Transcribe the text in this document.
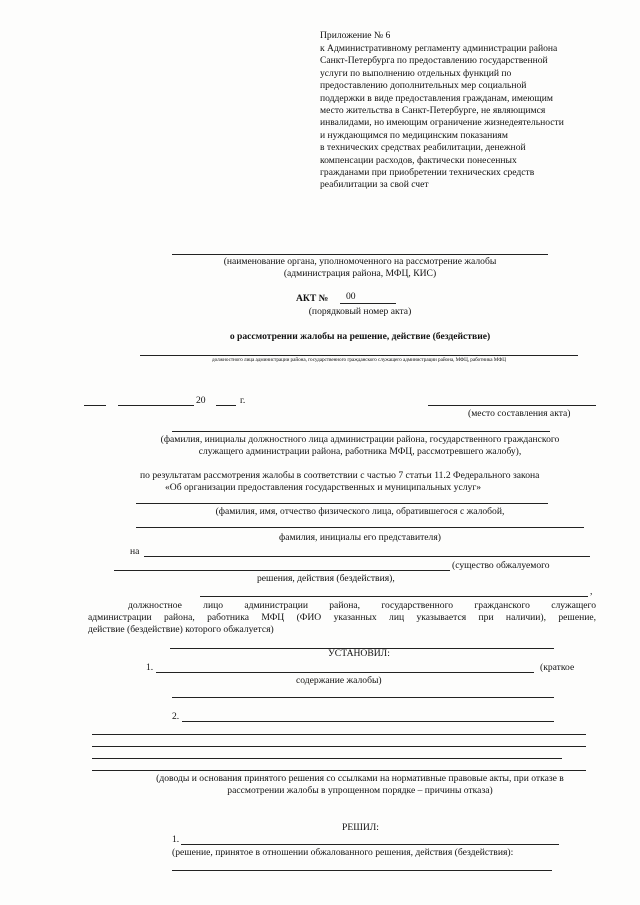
Приложение № 6
к Административному регламенту администрации района
Санкт-Петербурга по предоставлению государственной
услуги по выполнению отдельных функций по
предоставлению дополнительных мер социальной
поддержки в виде предоставления гражданам, имеющим
место жительства в Санкт-Петербурге, не являющимся
инвалидами, но имеющим ограничение жизнедеятельности
и нуждающимся по медицинским показаниям
в технических средствах реабилитации, денежной
компенсации расходов, фактически понесенных
гражданами при приобретении технических средств
реабилитации за свой счет
(наименование органа, уполномоченного на рассмотрение жалобы
(администрация района, МФЦ, КИС)
АКТ № 00
(порядковый номер акта)
о рассмотрении жалобы на решение, действие (бездействие)
должностного лица администрации района, государственного гражданского служащего администрации района, МФЦ, работника МФЦ
20	г.
(место составления акта)
(фамилия, инициалы должностного лица администрации района, государственного гражданского
служащего администрации района, работника МФЦ, рассмотревшего жалобу),
по результатам рассмотрения жалобы в соответствии с частью 7 статьи 11.2 Федерального закона
«Об организации предоставления государственных и муниципальных услуг»
(фамилия, имя, отчество физического лица, обратившегося с жалобой,
фамилия, инициалы его представителя)
на
(существо обжалуемого
решения, действия (бездействия),
,
должностное лицо администрации района, государственного гражданского служащего
администрации района, работника МФЦ (ФИО указанных лиц указывается при наличии), решение,
действие (бездействие) которого обжалуется)
УСТАНОВИЛ:
1.	(краткое
содержание жалобы)
2.
(доводы и основания принятого решения со ссылками на нормативные правовые акты, при отказе в
рассмотрении жалобы в упрощенном порядке – причины отказа)
РЕШИЛ:
1.
(решение, принятое в отношении обжалованного решения, действия (бездействия):
